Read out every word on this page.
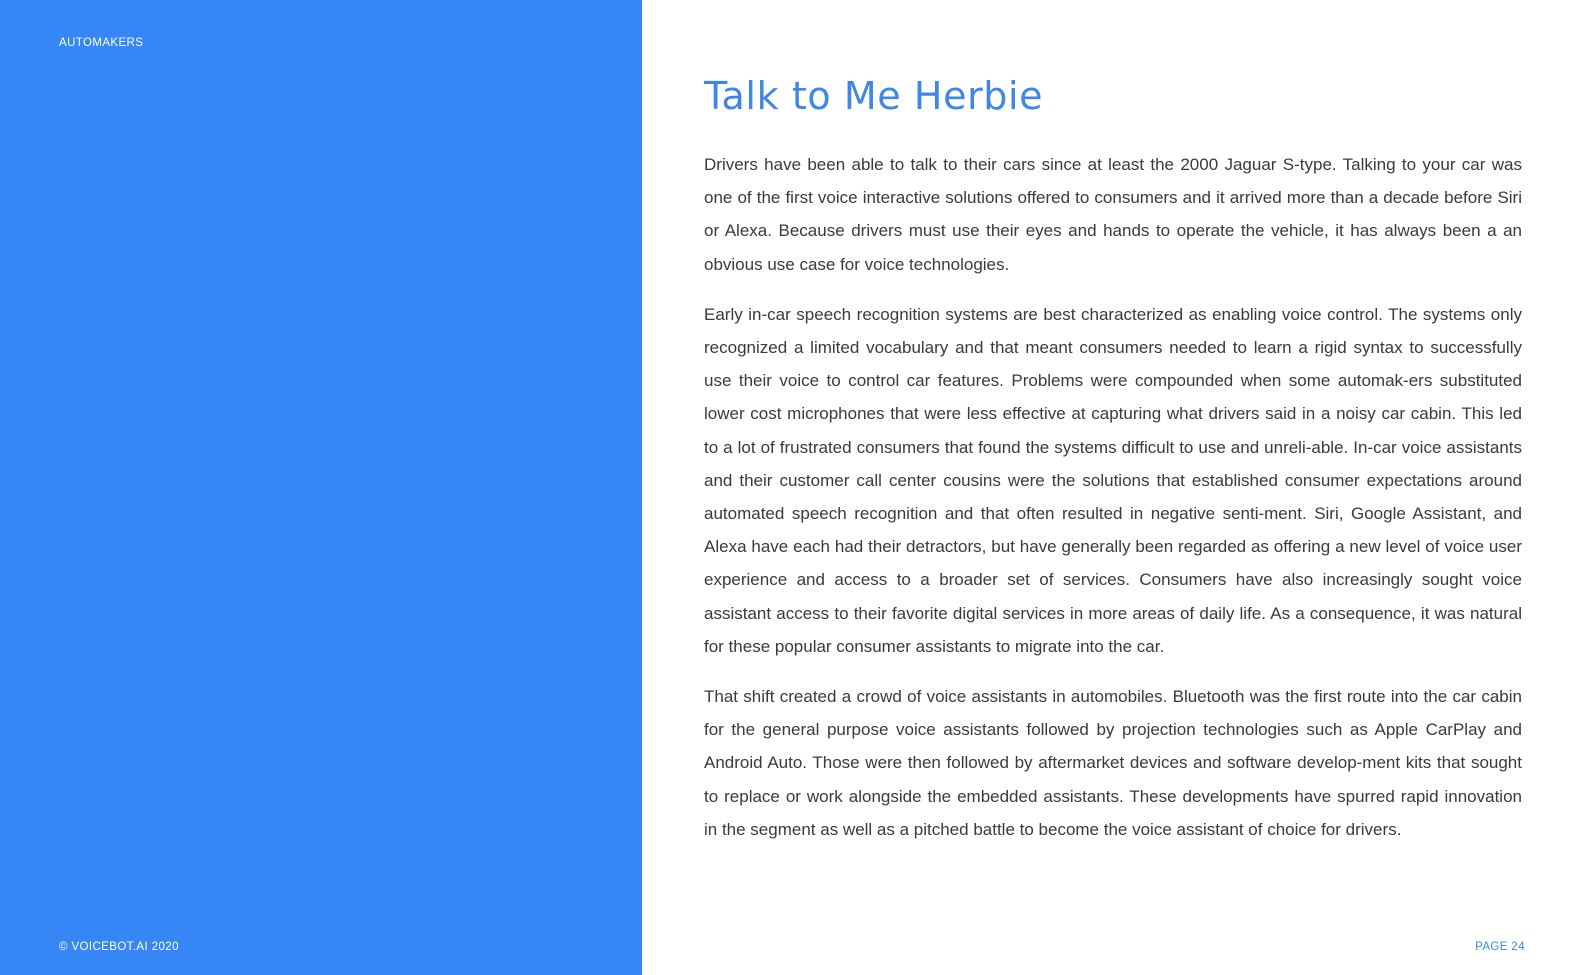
AUTOMAKERS
© VOICEBOT.AI 2020
Talk to Me Herbie

Drivers have been able to talk to their cars since at least the 2000 Jaguar S-type. Talking to your car was one of the first voice interactive solutions offered to consumers and it arrived more than a decade before Siri or Alexa. Because drivers must use their eyes and hands to operate the vehicle, it has always been a an obvious use case for voice technologies.

Early in-car speech recognition systems are best characterized as enabling voice control. The systems only recognized a limited vocabulary and that meant consumers needed to learn a rigid syntax to successfully use their voice to control car features. Problems were compounded when some automak-ers substituted lower cost microphones that were less effective at capturing what drivers said in a noisy car cabin. This led to a lot of frustrated consumers that found the systems difficult to use and unreli-able. In-car voice assistants and their customer call center cousins were the solutions that established consumer expectations around automated speech recognition and that often resulted in negative senti-ment. Siri, Google Assistant, and Alexa have each had their detractors, but have generally been regarded as offering a new level of voice user experience and access to a broader set of services. Consumers have also increasingly sought voice assistant access to their favorite digital services in more areas of daily life. As a consequence, it was natural for these popular consumer assistants to migrate into the car.

That shift created a crowd of voice assistants in automobiles. Bluetooth was the first route into the car cabin for the general purpose voice assistants followed by projection technologies such as Apple CarPlay and Android Auto. Those were then followed by aftermarket devices and software develop-ment kits that sought to replace or work alongside the embedded assistants. These developments have spurred rapid innovation in the segment as well as a pitched battle to become the voice assistant of choice for drivers.

PAGE 24
